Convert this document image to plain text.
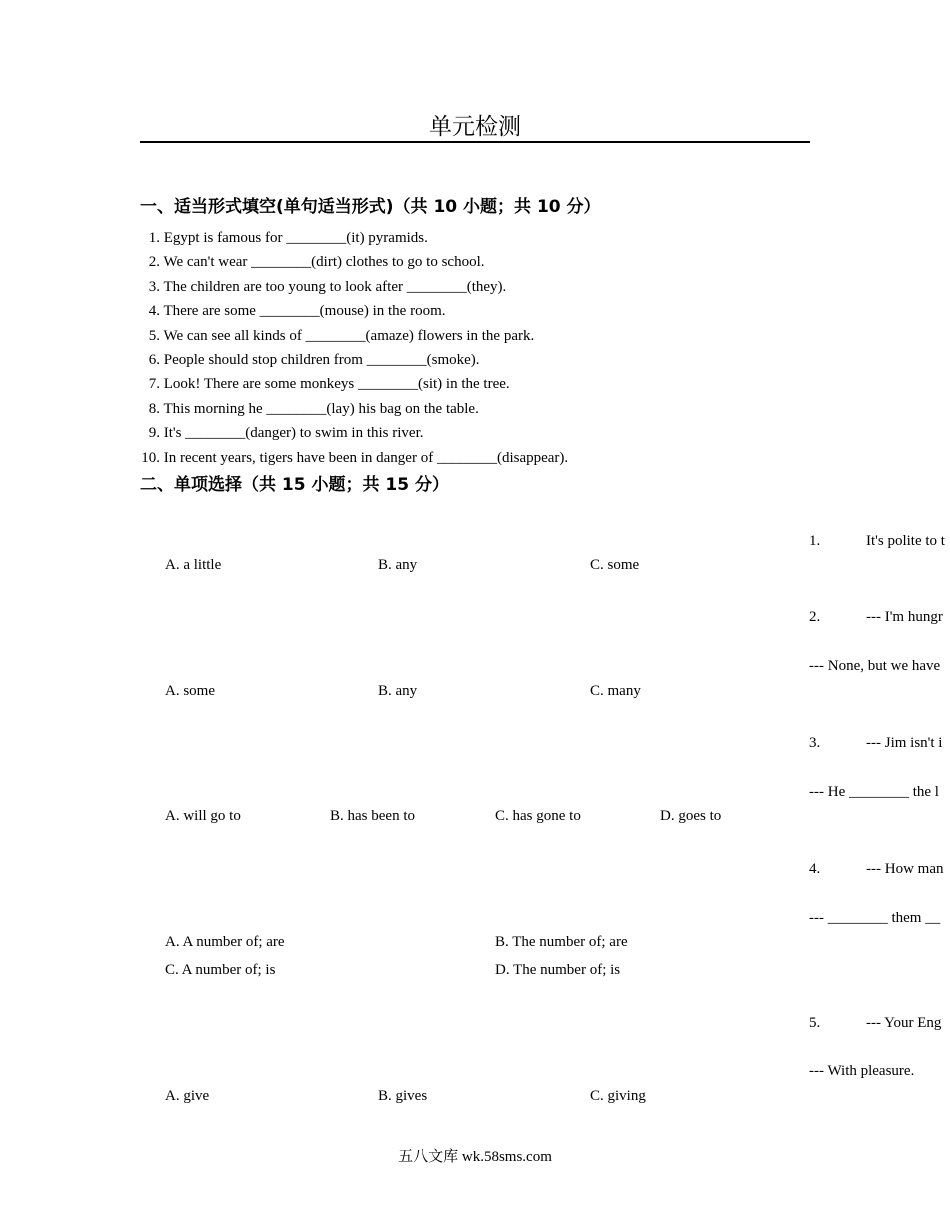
单元检测
一、适当形式填空(单句适当形式)（共 10 小题；共 10 分）
1. Egypt is famous for ________(it) pyramids.
2. We can't wear ________(dirt) clothes to go to school.
3. The children are too young to look after ________(they).
4. There are some ________(mouse) in the room.
5. We can see all kinds of ________(amaze) flowers in the park.
6. People should stop children from ________(smoke).
7. Look! There are some monkeys ________(sit) in the tree.
8. This morning he ________(lay) his bag on the table.
9. It's ________(danger) to swim in this river.
10. In recent years, tigers have been in danger of ________(disappear).
二、单项选择（共 15 小题；共 15 分）
1.	It's polite to t
A. a little	B. any	C. some
2.	--- I'm hungr
--- None, but we have
A. some	B. any	C. many
3.	--- Jim isn't i
--- He ________ the l
A. will go to	B. has been to	C. has gone to	D. goes to
4.	--- How man
--- ________ them __
A. A number of; are	B. The number of; are
C. A number of; is	D. The number of; is
5.	--- Your Eng
--- With pleasure.
A. give	B. gives	C. giving
五八文库 wk.58sms.com
